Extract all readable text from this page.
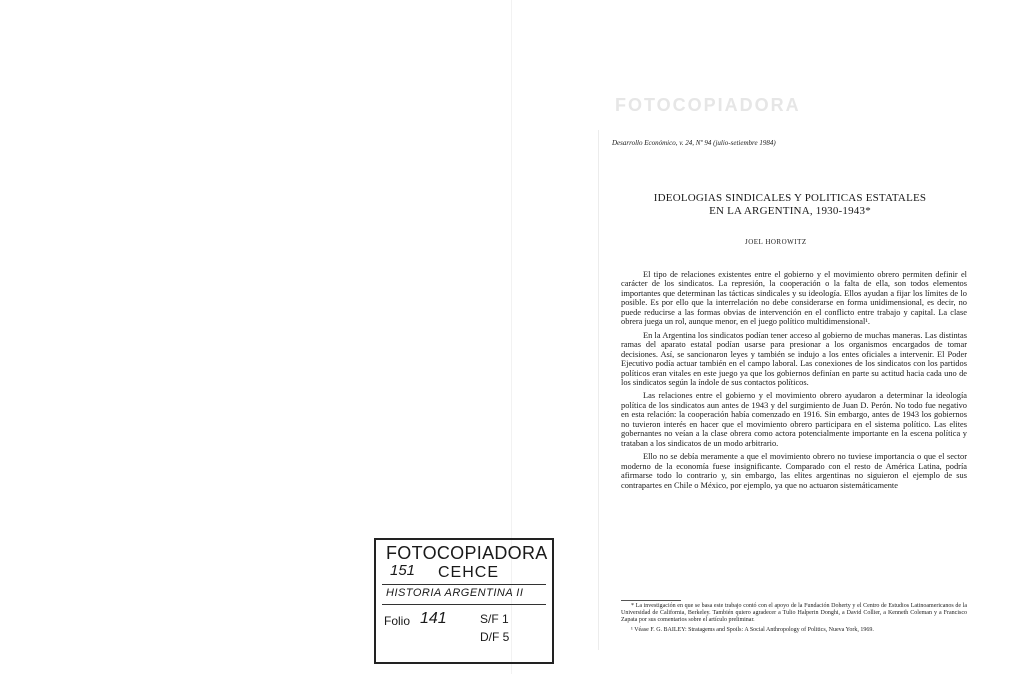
FOTOCOPIADORA
FOTOCOPIADORA
151 CEHCE
HISTORIA ARGENTINA II
Folio 141	S/F 1
D/F 5
Desarrollo Económico, v. 24, Nº 94 (julio-setiembre 1984)
IDEOLOGIAS SINDICALES Y POLITICAS ESTATALES
EN LA ARGENTINA, 1930-1943*
JOEL HOROWITZ

El tipo de relaciones existentes entre el gobierno y el movimiento obrero permiten definir el carácter de los sindicatos. La represión, la cooperación o la falta de ella, son todos elementos importantes que determinan las tácticas sindicales y su ideología. Ellos ayudan a fijar los límites de lo posible. Es por ello que la interrelación no debe considerarse en forma unidimensional, es decir, no puede reducirse a las formas obvias de intervención en el conflicto entre trabajo y capital. La clase obrera juega un rol, aunque menor, en el juego político multidimensional¹.

En la Argentina los sindicatos podían tener acceso al gobierno de muchas maneras. Las distintas ramas del aparato estatal podían usarse para presionar a los organismos encargados de tomar decisiones. Así, se sancionaron leyes y también se indujo a los entes oficiales a intervenir. El Poder Ejecutivo podía actuar también en el campo laboral. Las conexiones de los sindicatos con los partidos políticos eran vitales en este juego ya que los gobiernos definían en parte su actitud hacia cada uno de los sindicatos según la índole de sus contactos políticos.

Las relaciones entre el gobierno y el movimiento obrero ayudaron a determinar la ideología política de los sindicatos aun antes de 1943 y del surgimiento de Juan D. Perón. No todo fue negativo en esta relación: la cooperación había comenzado en 1916. Sin embargo, antes de 1943 los gobiernos no tuvieron interés en hacer que el movimiento obrero participara en el sistema político. Las elites gobernantes no veían a la clase obrera como actora potencialmente importante en la escena política y trataban a los sindicatos de un modo arbitrario.

Ello no se debía meramente a que el movimiento obrero no tuviese importancia o que el sector moderno de la economía fuese insignificante. Comparado con el resto de América Latina, podría afirmarse todo lo contrario y, sin embargo, las elites argentinas no siguieron el ejemplo de sus contrapartes en Chile o México, por ejemplo, ya que no actuaron sistemáticamente

* La investigación en que se basa este trabajo contó con el apoyo de la Fundación Doherty y el Centro de Estudios Latinoamericanos de la Universidad de California, Berkeley. También quiero agradecer a Tulio Halperin Donghi, a David Collier, a Kenneth Coleman y a Francisco Zapata por sus comentarios sobre el artículo preliminar.

¹ Véase F. G. BAILEY: Stratagems and Spoils: A Social Anthropology of Politics, Nueva York, 1969.
